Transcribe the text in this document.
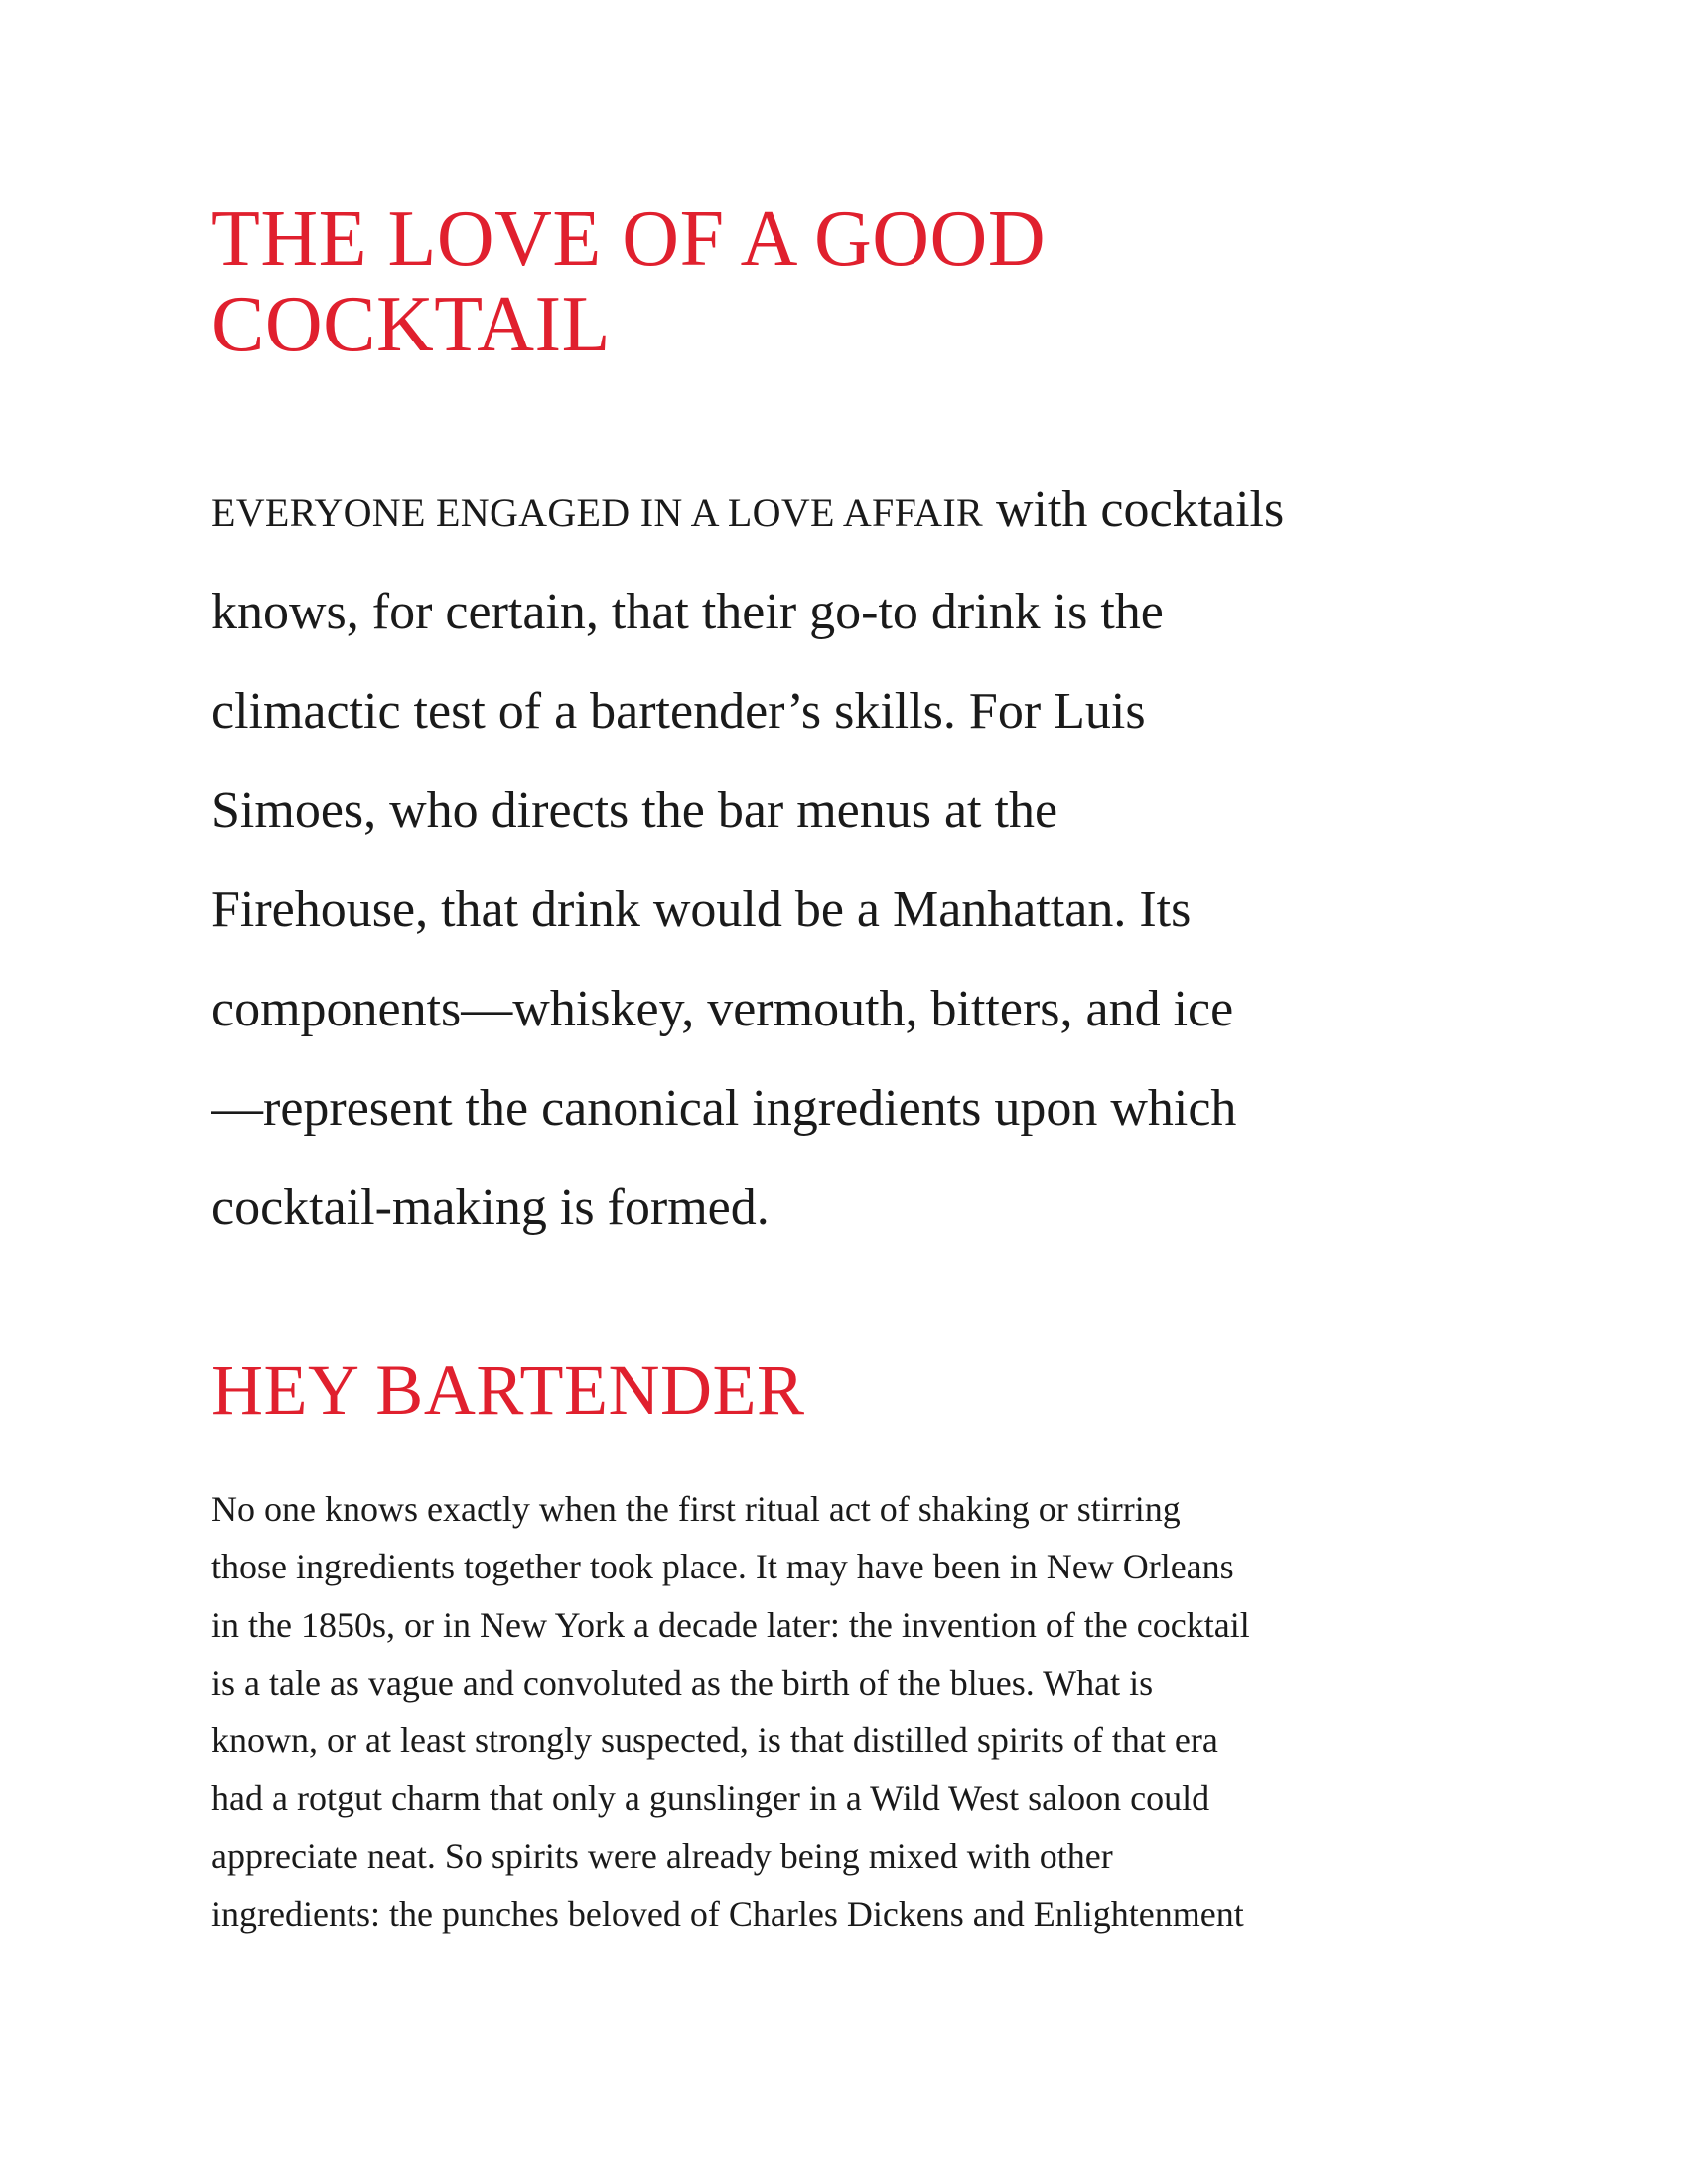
THE LOVE OF A GOOD COCKTAIL

EVERYONE ENGAGED IN A LOVE AFFAIR with cocktails
knows, for certain, that their go-to drink is the
climactic test of a bartender’s skills. For Luis
Simoes, who directs the bar menus at the
Firehouse, that drink would be a Manhattan. Its
components—whiskey, vermouth, bitters, and ice
—represent the canonical ingredients upon which
cocktail-making is formed.

HEY BARTENDER

No one knows exactly when the first ritual act of shaking or stirring
those ingredients together took place. It may have been in New Orleans
in the 1850s, or in New York a decade later: the invention of the cocktail
is a tale as vague and convoluted as the birth of the blues. What is
known, or at least strongly suspected, is that distilled spirits of that era
had a rotgut charm that only a gunslinger in a Wild West saloon could
appreciate neat. So spirits were already being mixed with other
ingredients: the punches beloved of Charles Dickens and Enlightenment
